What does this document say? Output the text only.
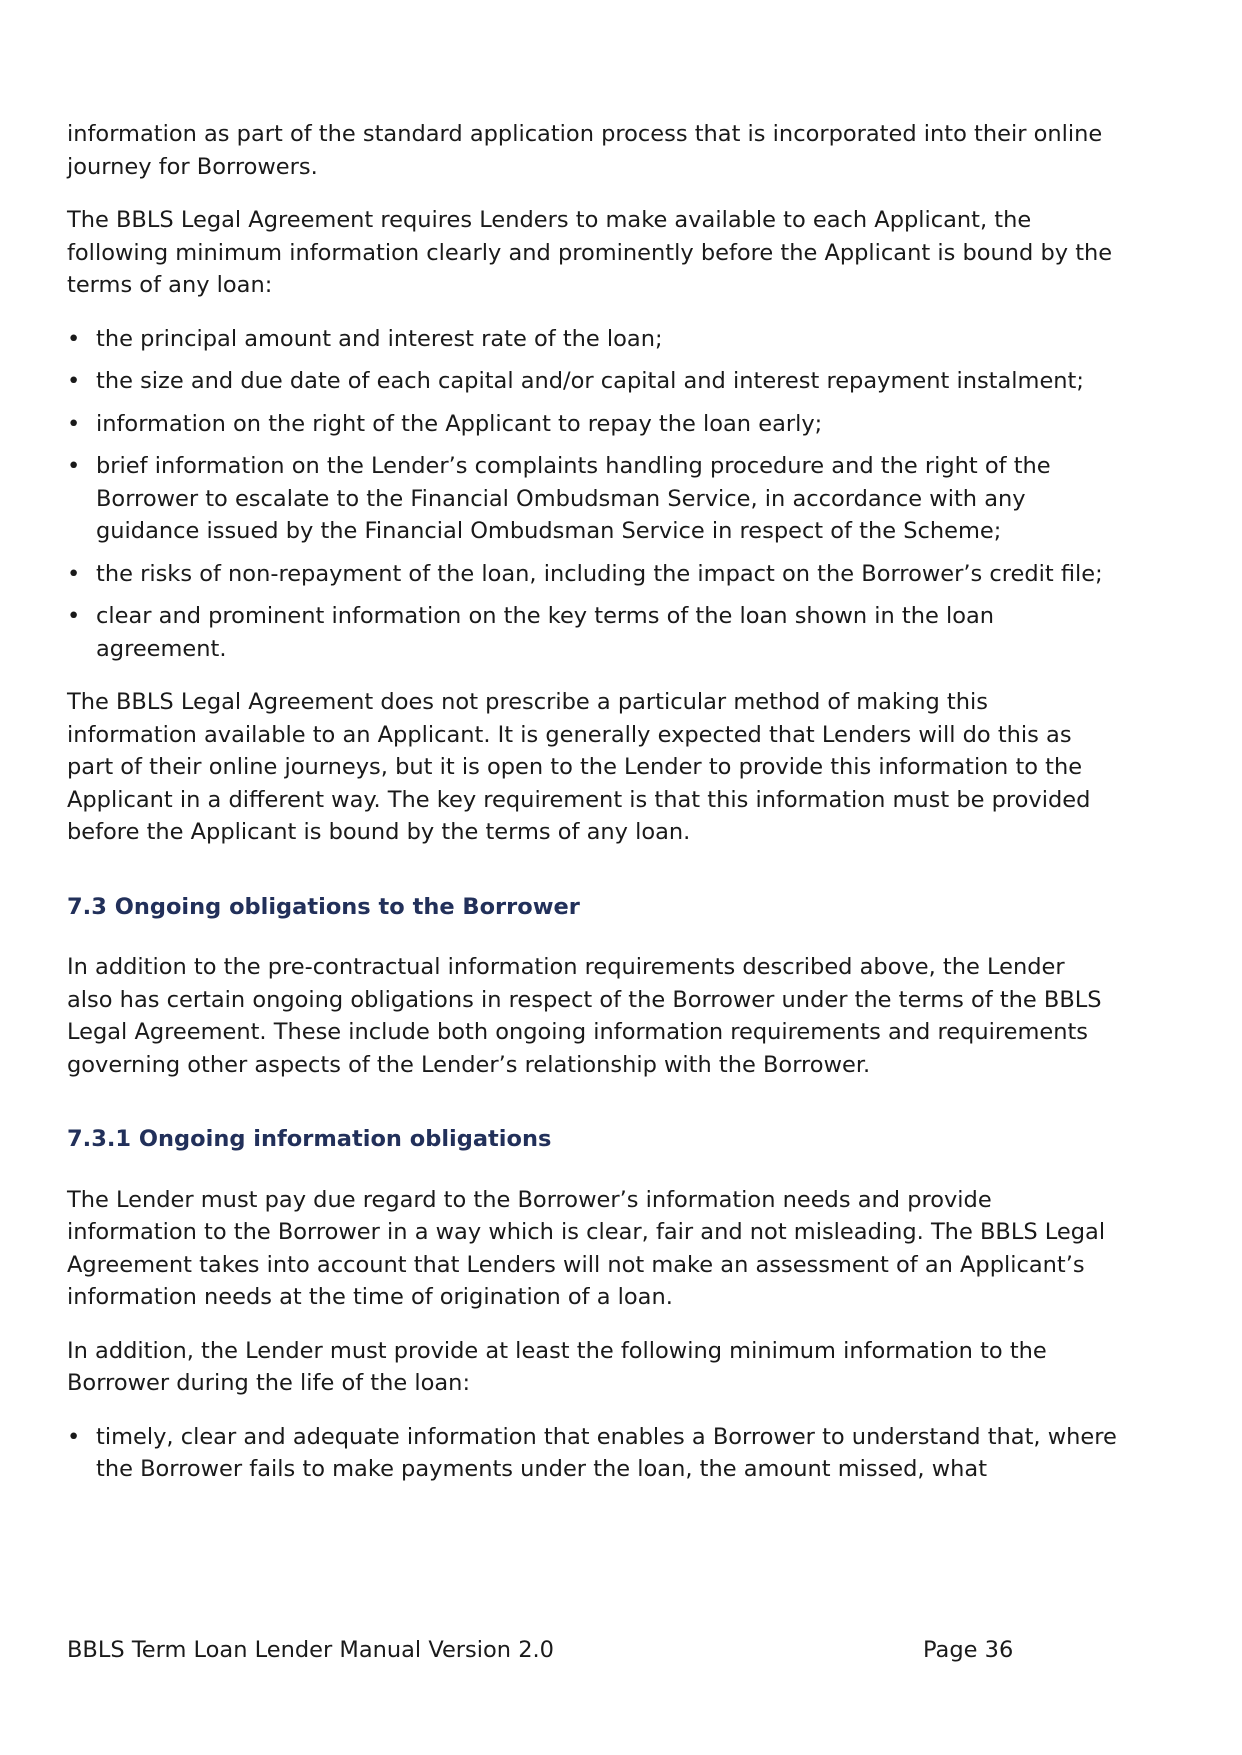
information as part of the standard application process that is incorporated into their online journey for Borrowers.

The BBLS Legal Agreement requires Lenders to make available to each Applicant, the following minimum information clearly and prominently before the Applicant is bound by the terms of any loan:

• the principal amount and interest rate of the loan;
• the size and due date of each capital and/or capital and interest repayment instalment;
• information on the right of the Applicant to repay the loan early;
• brief information on the Lender’s complaints handling procedure and the right of the Borrower to escalate to the Financial Ombudsman Service, in accordance with any guidance issued by the Financial Ombudsman Service in respect of the Scheme;
• the risks of non-repayment of the loan, including the impact on the Borrower’s credit file;
• clear and prominent information on the key terms of the loan shown in the loan agreement.

The BBLS Legal Agreement does not prescribe a particular method of making this information available to an Applicant. It is generally expected that Lenders will do this as part of their online journeys, but it is open to the Lender to provide this information to the Applicant in a different way. The key requirement is that this information must be provided before the Applicant is bound by the terms of any loan.

7.3 Ongoing obligations to the Borrower

In addition to the pre-contractual information requirements described above, the Lender also has certain ongoing obligations in respect of the Borrower under the terms of the BBLS Legal Agreement. These include both ongoing information requirements and requirements governing other aspects of the Lender’s relationship with the Borrower.

7.3.1 Ongoing information obligations

The Lender must pay due regard to the Borrower’s information needs and provide information to the Borrower in a way which is clear, fair and not misleading. The BBLS Legal Agreement takes into account that Lenders will not make an assessment of an Applicant’s information needs at the time of origination of a loan.

In addition, the Lender must provide at least the following minimum information to the Borrower during the life of the loan:

• timely, clear and adequate information that enables a Borrower to understand that, where the Borrower fails to make payments under the loan, the amount missed, what
BBLS Term Loan Lender Manual Version 2.0	Page 36
